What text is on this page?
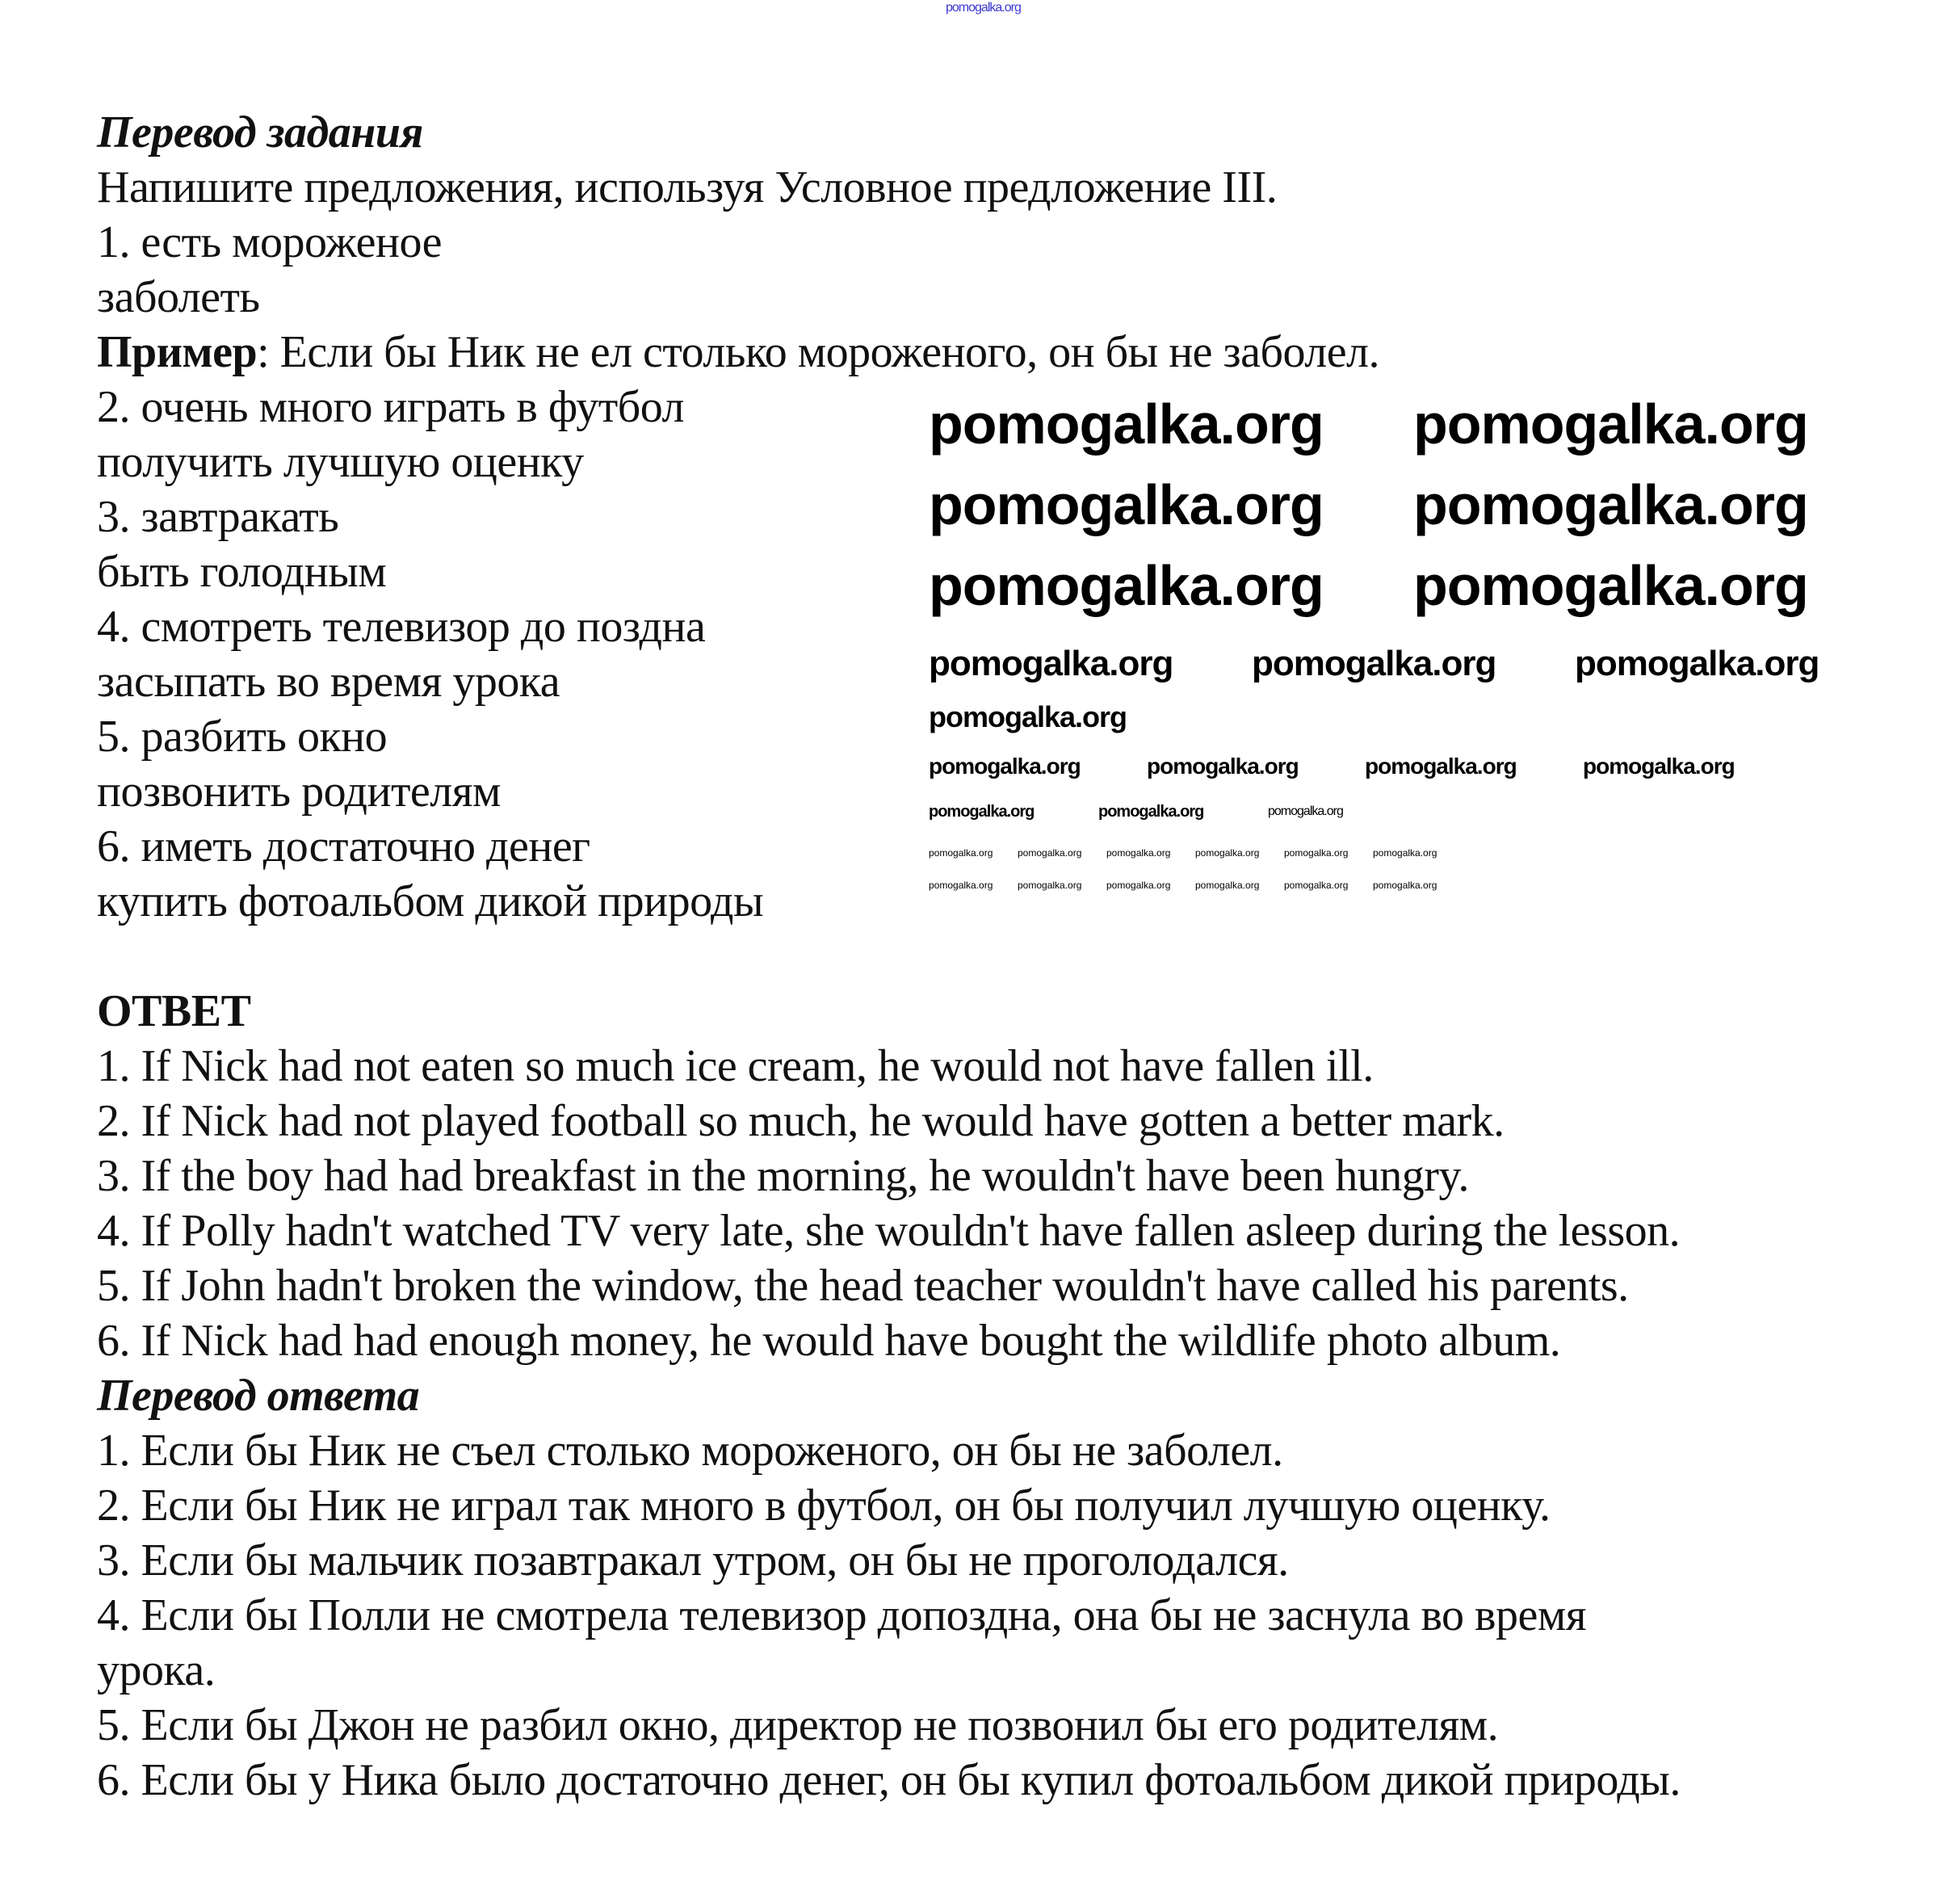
Перевод задания
Напишите предложения, используя Условное предложение III.
1. есть мороженое
заболеть
Пример: Если бы Ник не ел столько мороженого, он бы не заболел.
2. очень много играть в футбол
получить лучшую оценку
3. завтракать
быть голодным
4. смотреть телевизор до поздна
засыпать во время урока
5. разбить окно
позвонить родителям
6. иметь достаточно денег
купить фотоальбом дикой природы
ОТВЕТ
1. If Nick had not eaten so much ice cream, he would not have fallen ill.
2. If Nick had not played football so much, he would have gotten a better mark.
3. If the boy had had breakfast in the morning, he wouldn't have been hungry.
4. If Polly hadn't watched TV very late, she wouldn't have fallen asleep during the lesson.
5. If John hadn't broken the window, the head teacher wouldn't have called his parents.
6. If Nick had had enough money, he would have bought the wildlife photo album.
Перевод ответа
1. Если бы Ник не съел столько мороженого, он бы не заболел.
2. Если бы Ник не играл так много в футбол, он бы получил лучшую оценку.
3. Если бы мальчик позавтракал утром, он бы не проголодался.
4. Если бы Полли не смотрела телевизор допоздна, она бы не заснула во время
урока.
5. Если бы Джон не разбил окно, директор не позвонил бы его родителям.
6. Если бы у Ника было достаточно денег, он бы купил фотоальбом дикой природы.
pomogalka.org
pomogalka.org pomogalka.org
pomogalka.org pomogalka.org
pomogalka.org pomogalka.org
pomogalka.org pomogalka.org pomogalka.org
pomogalka.org
pomogalka.org	pomogalka.org	pomogalka.org	pomogalka.org
pomogalka.org	pomogalka.org	pomogalka.org
pomogalka.org	pomogalka.org	pomogalka.org	pomogalka.org	pomogalka.org	pomogalka.org
pomogalka.org	pomogalka.org	pomogalka.org	pomogalka.org	pomogalka.org	pomogalka.org
